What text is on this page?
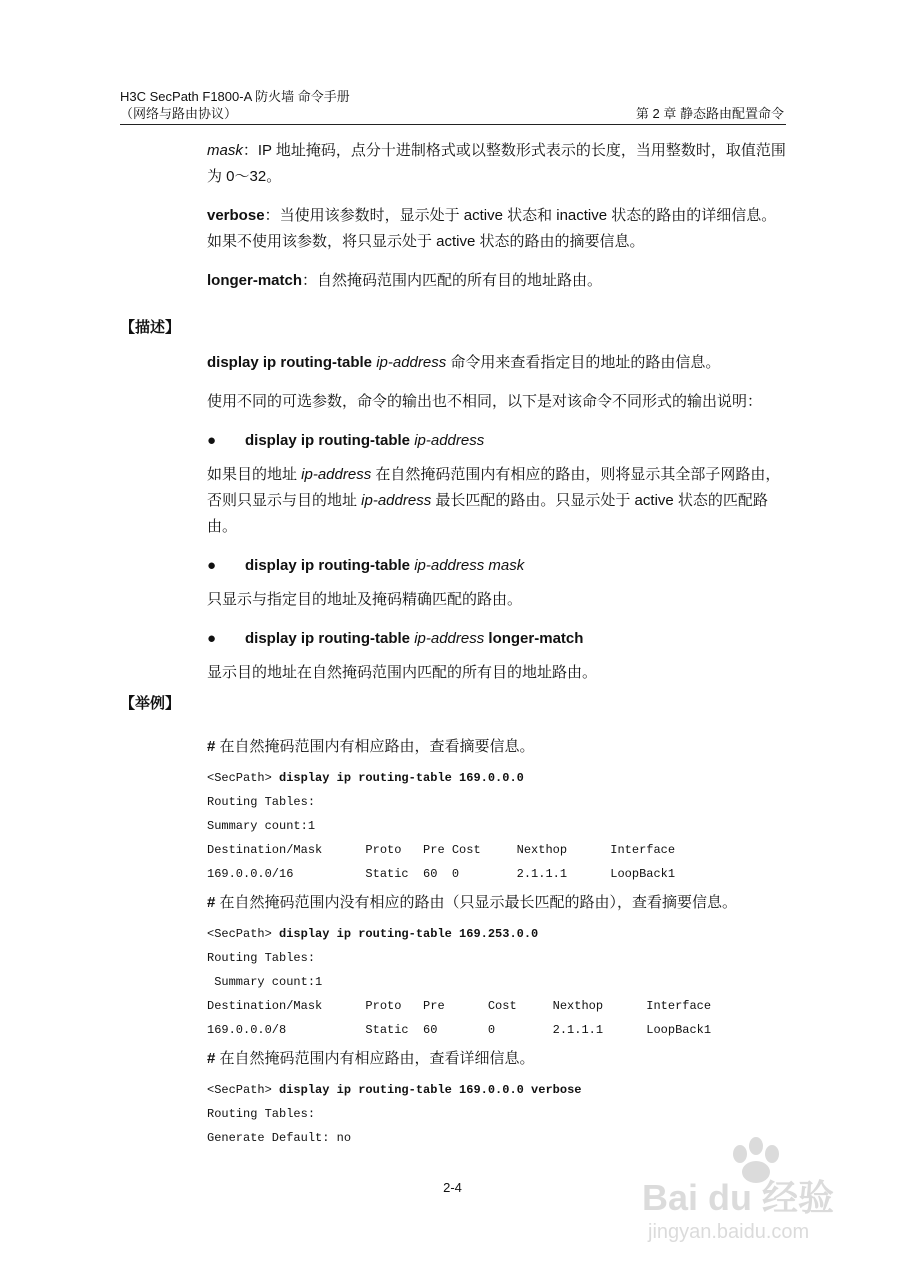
H3C SecPath F1800-A 防火墙 命令手册
（网络与路由协议）	第 2 章 静态路由配置命令

mask：IP 地址掩码，点分十进制格式或以整数形式表示的长度，当用整数时，取值范围为 0～32。

verbose：当使用该参数时，显示处于 active 状态和 inactive 状态的路由的详细信息。如果不使用该参数，将只显示处于 active 状态的路由的摘要信息。

longer-match：自然掩码范围内匹配的所有目的地址路由。

【描述】

display ip routing-table ip-address 命令用来查看指定目的地址的路由信息。

使用不同的可选参数，命令的输出也不相同，以下是对该命令不同形式的输出说明：

● display ip routing-table ip-address

如果目的地址 ip-address 在自然掩码范围内有相应的路由，则将显示其全部子网路由，否则只显示与目的地址 ip-address 最长匹配的路由。只显示处于 active 状态的匹配路由。

● display ip routing-table ip-address mask

只显示与指定目的地址及掩码精确匹配的路由。

● display ip routing-table ip-address longer-match

显示目的地址在自然掩码范围内匹配的所有目的地址路由。

【举例】
# 在自然掩码范围内有相应路由，查看摘要信息。
<SecPath> display ip routing-table 169.0.0.0
Routing Tables:
Summary count:1
Destination/Mask      Proto   Pre Cost     Nexthop      Interface
169.0.0.0/16          Static  60  0        2.1.1.1      LoopBack1
# 在自然掩码范围内没有相应的路由（只显示最长匹配的路由），查看摘要信息。
<SecPath> display ip routing-table 169.253.0.0
Routing Tables:
Summary count:1
Destination/Mask      Proto   Pre      Cost     Nexthop      Interface
169.0.0.0/8           Static  60       0        2.1.1.1      LoopBack1
# 在自然掩码范围内有相应路由，查看详细信息。
<SecPath> display ip routing-table 169.0.0.0 verbose
Routing Tables:
Generate Default: no
2-4	Bai du 经验
jingyan.baidu.com
